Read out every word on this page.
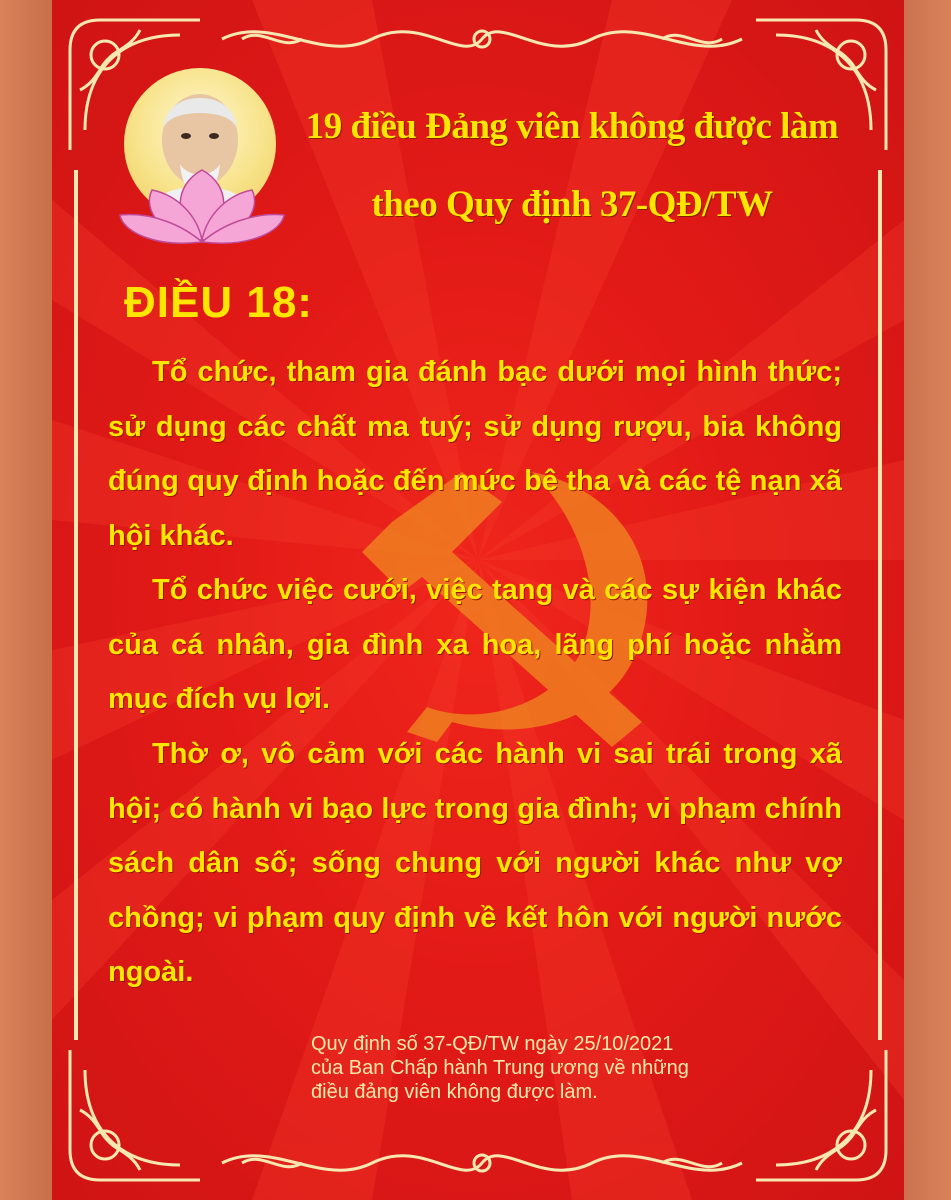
19 điều Đảng viên không được làm
theo Quy định 37-QĐ/TW
ĐIỀU 18:

Tổ chức, tham gia đánh bạc dưới mọi hình thức; sử dụng các chất ma tuý; sử dụng rượu, bia không đúng quy định hoặc đến mức bê tha và các tệ nạn xã hội khác.

Tổ chức việc cưới, việc tang và các sự kiện khác của cá nhân, gia đình xa hoa, lãng phí hoặc nhằm mục đích vụ lợi.

Thờ ơ, vô cảm với các hành vi sai trái trong xã hội; có hành vi bạo lực trong gia đình; vi phạm chính sách dân số; sống chung với người khác như vợ chồng; vi phạm quy định về kết hôn với người nước ngoài.

Quy định số 37-QĐ/TW ngày 25/10/2021
của Ban Chấp hành Trung ương về những
điều đảng viên không được làm.
